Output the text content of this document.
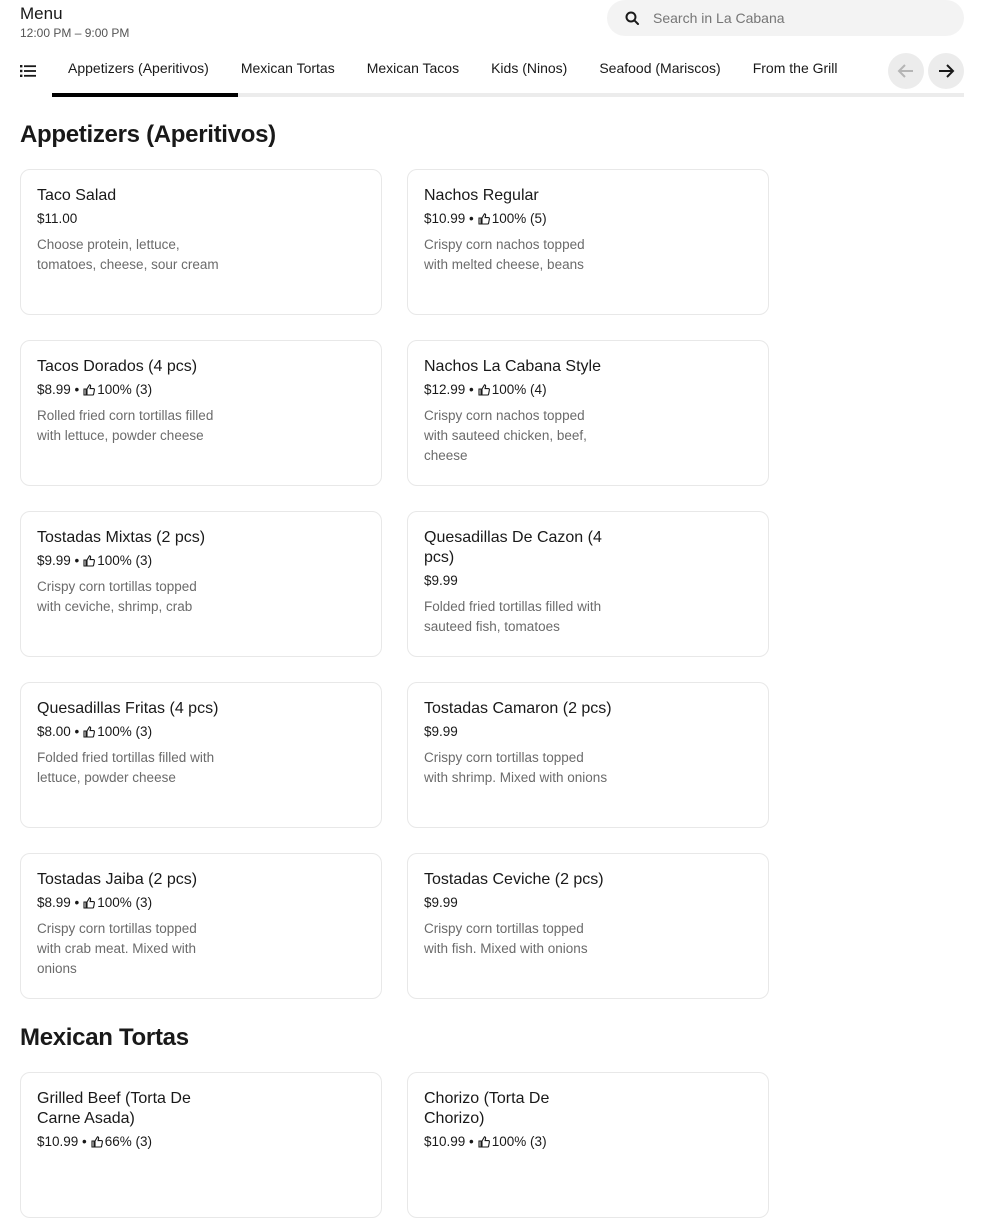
Menu
12:00 PM – 9:00 PM
Search in La Cabana
Appetizers (Aperitivos)	Mexican Tortas	Mexican Tacos	Kids (Ninos)	Seafood (Mariscos)	From the Grill
Appetizers (Aperitivos)
Mexican Tortas
Taco Salad
$11.00
Choose protein, lettuce, tomatoes, cheese, sour cream
Nachos Regular
$10.99 • 100% (5)
Crispy corn nachos topped with melted cheese, beans
Tacos Dorados (4 pcs)
$8.99 • 100% (3)
Rolled fried corn tortillas filled with lettuce, powder cheese
Nachos La Cabana Style
$12.99 • 100% (4)
Crispy corn nachos topped with sauteed chicken, beef, cheese
Tostadas Mixtas (2 pcs)
$9.99 • 100% (3)
Crispy corn tortillas topped with ceviche, shrimp, crab
Quesadillas De Cazon (4 pcs)
$9.99
Folded fried tortillas filled with sauteed fish, tomatoes
Quesadillas Fritas (4 pcs)
$8.00 • 100% (3)
Folded fried tortillas filled with lettuce, powder cheese
Tostadas Camaron (2 pcs)
$9.99
Crispy corn tortillas topped with shrimp. Mixed with onions
Tostadas Jaiba (2 pcs)
$8.99 • 100% (3)
Crispy corn tortillas topped with crab meat. Mixed with onions
Tostadas Ceviche (2 pcs)
$9.99
Crispy corn tortillas topped with fish. Mixed with onions
Grilled Beef (Torta De Carne Asada)
$10.99 • 66% (3)
Chorizo (Torta De Chorizo)
$10.99 • 100% (3)
